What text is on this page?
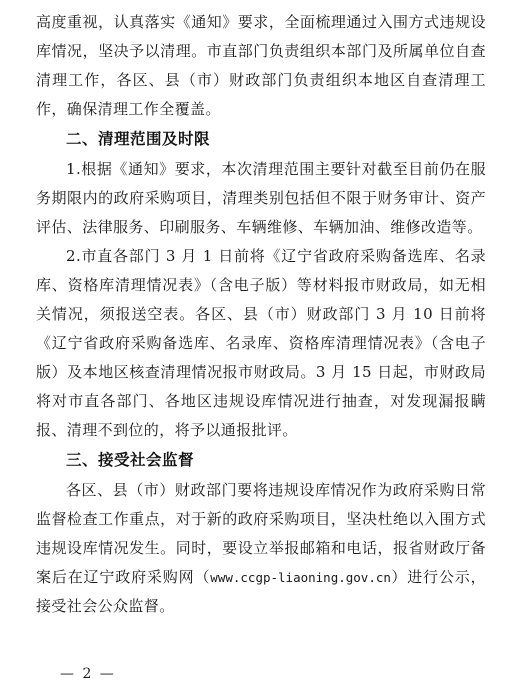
高度重视，认真落实《通知》要求，全面梳理通过入围方式违规设库情况，坚决予以清理。市直部门负责组织本部门及所属单位自查清理工作，各区、县（市）财政部门负责组织本地区自查清理工作，确保清理工作全覆盖。

二、清理范围及时限

1.根据《通知》要求，本次清理范围主要针对截至目前仍在服务期限内的政府采购项目，清理类别包括但不限于财务审计、资产评估、法律服务、印刷服务、车辆维修、车辆加油、维修改造等。

2.市直各部门 3 月 1 日前将《辽宁省政府采购备选库、名录库、资格库清理情况表》（含电子版）等材料报市财政局，如无相关情况，须报送空表。各区、县（市）财政部门 3 月 10 日前将《辽宁省政府采购备选库、名录库、资格库清理情况表》（含电子版）及本地区核查清理情况报市财政局。3 月 15 日起，市财政局将对市直各部门、各地区违规设库情况进行抽查，对发现漏报瞒报、清理不到位的，将予以通报批评。

三、接受社会监督

各区、县（市）财政部门要将违规设库情况作为政府采购日常监督检查工作重点，对于新的政府采购项目，坚决杜绝以入围方式违规设库情况发生。同时，要设立举报邮箱和电话，报省财政厅备案后在辽宁政府采购网（www.ccgp-liaoning.gov.cn）进行公示，接受社会公众监督。

— 2 —
